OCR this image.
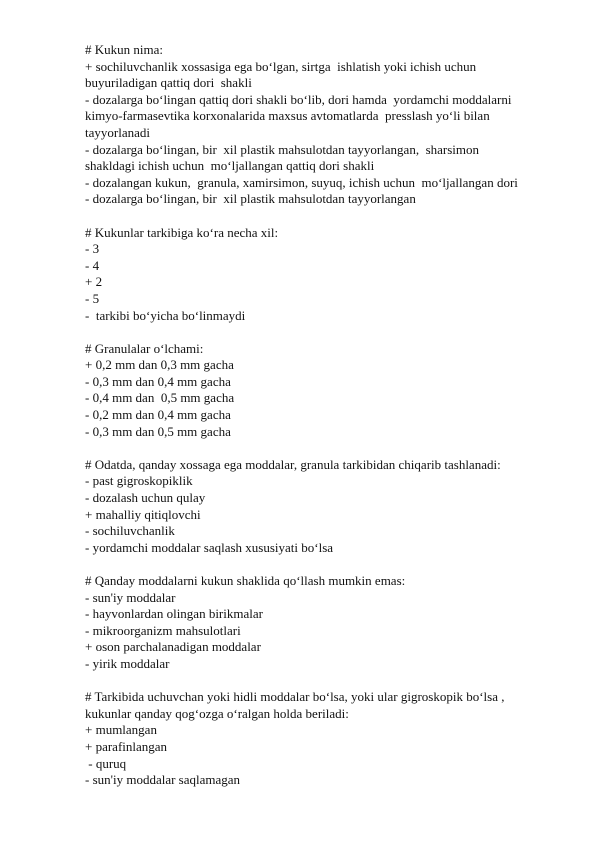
# Kukun nima:

+ sochiluvchanlik xossasiga ega bo‘lgan, sirtga  ishlatish yoki ichish uchun

buyuriladigan qattiq dori  shakli

- dozalarga bo‘lingan qattiq dori shakli bo‘lib, dori hamda  yordamchi moddalarni

kimyo-farmasevtika korxonalarida maxsus avtomatlarda  presslash yo‘li bilan

tayyorlanadi

- dozalarga bo‘lingan, bir  xil plastik mahsulotdan tayyorlangan,  sharsimon

shakldagi ichish uchun  mo‘ljallangan qattiq dori shakli

- dozalangan kukun,  granula, xamirsimon, suyuq, ichish uchun  mo‘ljallangan dori

- dozalarga bo‘lingan, bir  xil plastik mahsulotdan tayyorlangan

# Kukunlar tarkibiga ko‘ra necha xil:

- 3

- 4

+ 2

- 5

-  tarkibi bo‘yicha bo‘linmaydi

# Granulalar o‘lchami:

+ 0,2 mm dan 0,3 mm gacha

- 0,3 mm dan 0,4 mm gacha

- 0,4 mm dan  0,5 mm gacha

- 0,2 mm dan 0,4 mm gacha

- 0,3 mm dan 0,5 mm gacha

# Odatda, qanday xossaga ega moddalar, granula tarkibidan chiqarib tashlanadi:

- past gigroskopiklik

- dozalash uchun qulay

+ mahalliy qitiqlovchi

- sochiluvchanlik

- yordamchi moddalar saqlash xususiyati bo‘lsa

# Qanday moddalarni kukun shaklida qo‘llash mumkin emas:

- sun'iy moddalar

- hayvonlardan olingan birikmalar

- mikroorganizm mahsulotlari

+ oson parchalanadigan moddalar

- yirik moddalar

# Tarkibida uchuvchan yoki hidli moddalar bo‘lsa, yoki ular gigroskopik bo‘lsa ,

kukunlar qanday qog‘ozga o‘ralgan holda beriladi:

+ mumlangan

+ parafinlangan

- quruq

- sun'iy moddalar saqlamagan
